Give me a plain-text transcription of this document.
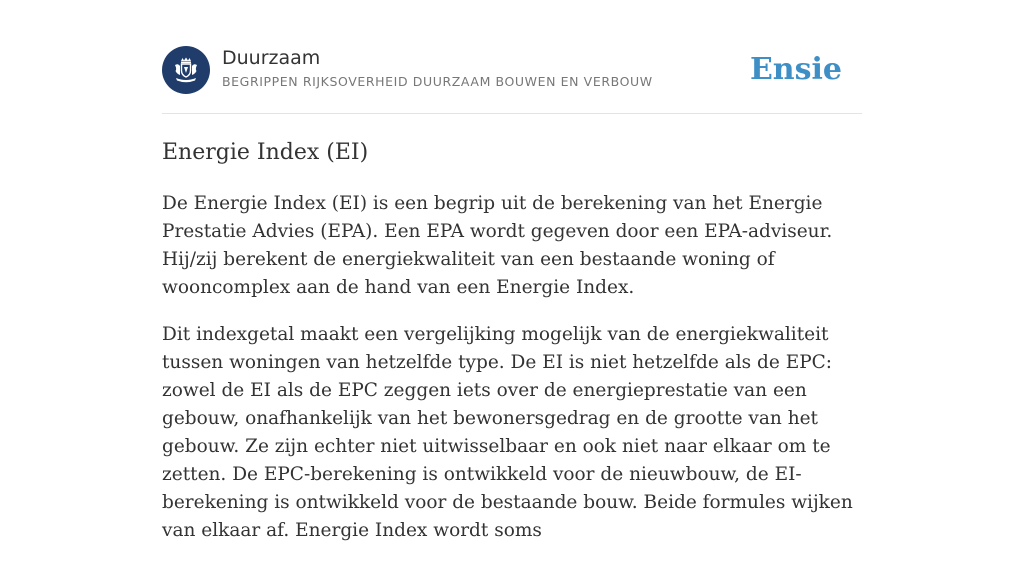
Duurzaam
BEGRIPPEN RIJKSOVERHEID DUURZAAM BOUWEN EN VERBOUW	Ensie
Energie Index (EI)

De Energie Index (EI) is een begrip uit de berekening van het Energie Prestatie Advies (EPA). Een EPA wordt gegeven door een EPA-adviseur. Hij/zij berekent de energiekwaliteit van een bestaande woning of wooncomplex aan de hand van een Energie Index.

Dit indexgetal maakt een vergelijking mogelijk van de energiekwaliteit tussen woningen van hetzelfde type. De EI is niet hetzelfde als de EPC: zowel de EI als de EPC zeggen iets over de energieprestatie van een gebouw, onafhankelijk van het bewonersgedrag en de grootte van het gebouw. Ze zijn echter niet uitwisselbaar en ook niet naar elkaar om te zetten. De EPC-berekening is ontwikkeld voor de nieuwbouw, de EI-berekening is ontwikkeld voor de bestaande bouw. Beide formules wijken van elkaar af. Energie Index wordt soms
